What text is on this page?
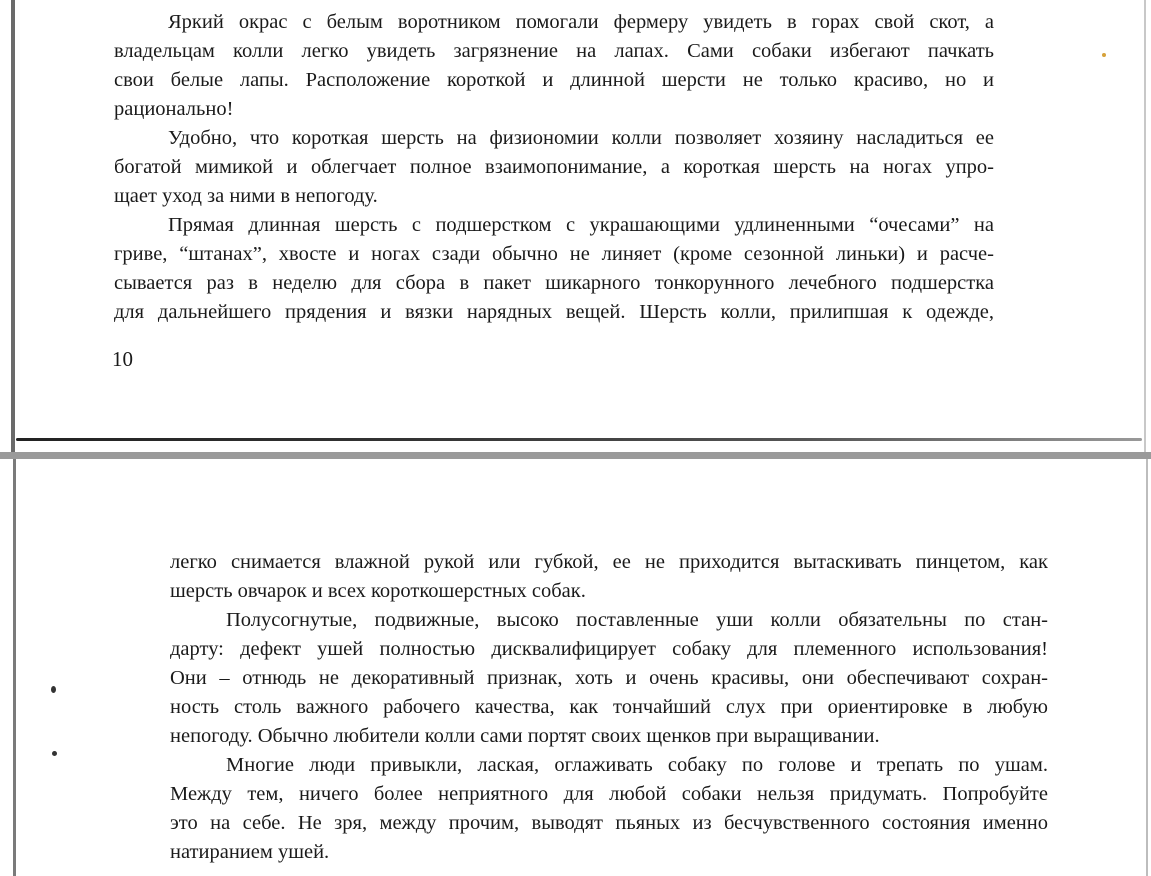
Яркий окрас с белым воротником помогали фермеру увидеть в горах свой скот, а
владельцам колли легко увидеть загрязнение на лапах. Сами собаки избегают пачкать
свои белые лапы. Расположение короткой и длинной шерсти не только красиво, но и
рационально!
Удобно, что короткая шерсть на физиономии колли позволяет хозяину насладиться ее
богатой мимикой и облегчает полное взаимопонимание, а короткая шерсть на ногах упро-
щает уход за ними в непогоду.
Прямая длинная шерсть с подшерстком с украшающими удлиненными “очесами” на
гриве, “штанах”, хвосте и ногах сзади обычно не линяет (кроме сезонной линьки) и расче-
сывается раз в неделю для сбора в пакет шикарного тонкорунного лечебного подшерстка
для дальнейшего прядения и вязки нарядных вещей. Шерсть колли, прилипшая к одежде,
10
легко снимается влажной рукой или губкой, ее не приходится вытаскивать пинцетом, как
шерсть овчарок и всех короткошерстных собак.
Полусогнутые, подвижные, высоко поставленные уши колли обязательны по стан-
дарту: дефект ушей полностью дисквалифицирует собаку для племенного использования!
Они – отнюдь не декоративный признак, хоть и очень красивы, они обеспечивают сохран-
ность столь важного рабочего качества, как тончайший слух при ориентировке в любую
непогоду. Обычно любители колли сами портят своих щенков при выращивании.
Многие люди привыкли, лаская, оглаживать собаку по голове и трепать по ушам.
Между тем, ничего более неприятного для любой собаки нельзя придумать. Попробуйте
это на себе. Не зря, между прочим, выводят пьяных из бесчувственного состояния именно
натиранием ушей.
